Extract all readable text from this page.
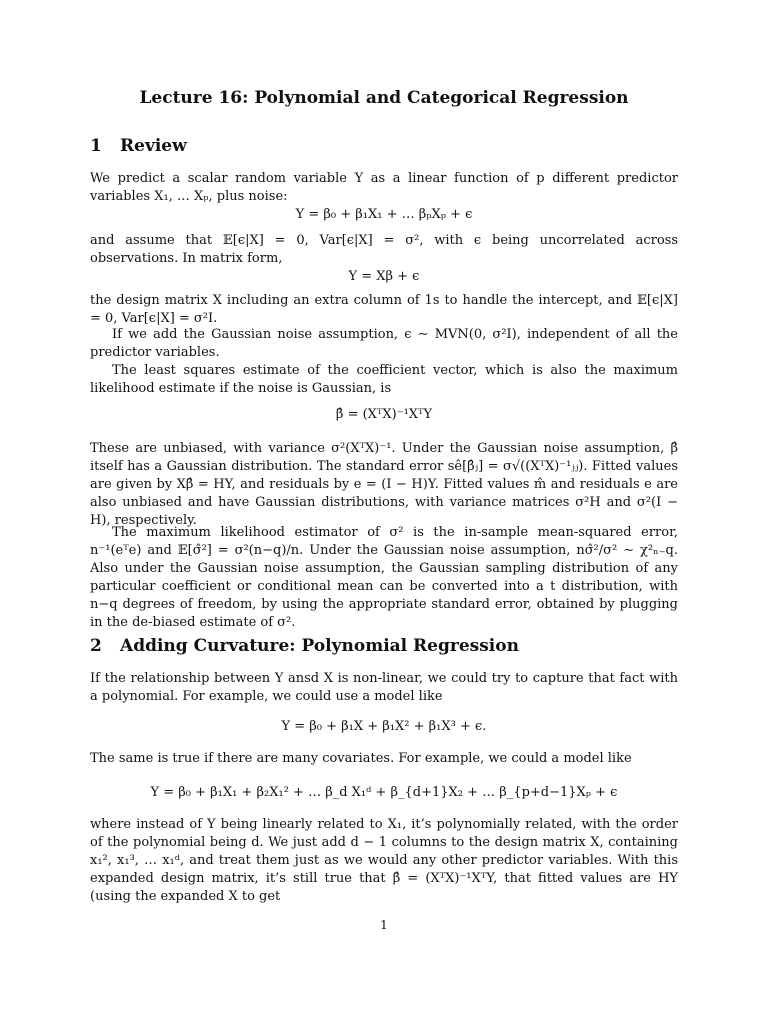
Lecture 16: Polynomial and Categorical Regression
1 Review
We predict a scalar random variable Y as a linear function of p different predictor variables X₁, … Xₚ, plus noise:
Y = β₀ + β₁X₁ + … βₚXₚ + ϵ
and assume that 𝔼[ϵ|X] = 0, Var[ϵ|X] = σ², with ϵ being uncorrelated across observations. In matrix form,
Y = Xβ + ϵ
the design matrix X including an extra column of 1s to handle the intercept, and 𝔼[ϵ|X] = 0, Var[ϵ|X] = σ²I.
If we add the Gaussian noise assumption, ϵ ∼ MVN(0, σ²I), independent of all the predictor variables.
The least squares estimate of the coefficient vector, which is also the maximum likelihood estimate if the noise is Gaussian, is
β̂ = (XᵀX)⁻¹XᵀY
These are unbiased, with variance σ²(XᵀX)⁻¹. Under the Gaussian noise assumption, β̂ itself has a Gaussian distribution. The standard error sê[β̂ⱼ] = σ√((XᵀX)⁻¹ⱼⱼ). Fitted values are given by Xβ̂ = HY, and residuals by e = (I − H)Y. Fitted values m̂ and residuals e are also unbiased and have Gaussian distributions, with variance matrices σ²H and σ²(I − H), respectively.
The maximum likelihood estimator of σ² is the in-sample mean-squared error, n⁻¹(eᵀe) and 𝔼[σ̂²] = σ²(n−q)/n. Under the Gaussian noise assumption, nσ̂²/σ² ∼ χ²ₙ₋q. Also under the Gaussian noise assumption, the Gaussian sampling distribution of any particular coefficient or conditional mean can be converted into a t distribution, with n−q degrees of freedom, by using the appropriate standard error, obtained by plugging in the de-biased estimate of σ².
2 Adding Curvature: Polynomial Regression
If the relationship between Y ansd X is non-linear, we could try to capture that fact with a polynomial. For example, we could use a model like
Y = β₀ + β₁X + β₁X² + β₁X³ + ϵ.
The same is true if there are many covariates. For example, we could a model like
Y = β₀ + β₁X₁ + β₂X₁² + … β_d X₁ᵈ + β_{d+1}X₂ + … β_{p+d−1}Xₚ + ϵ
where instead of Y being linearly related to X₁, it’s polynomially related, with the order of the polynomial being d. We just add d − 1 columns to the design matrix X, containing x₁², x₁³, … x₁ᵈ, and treat them just as we would any other predictor variables. With this expanded design matrix, it’s still true that β̂ = (XᵀX)⁻¹XᵀY, that fitted values are HY (using the expanded X to get
1
